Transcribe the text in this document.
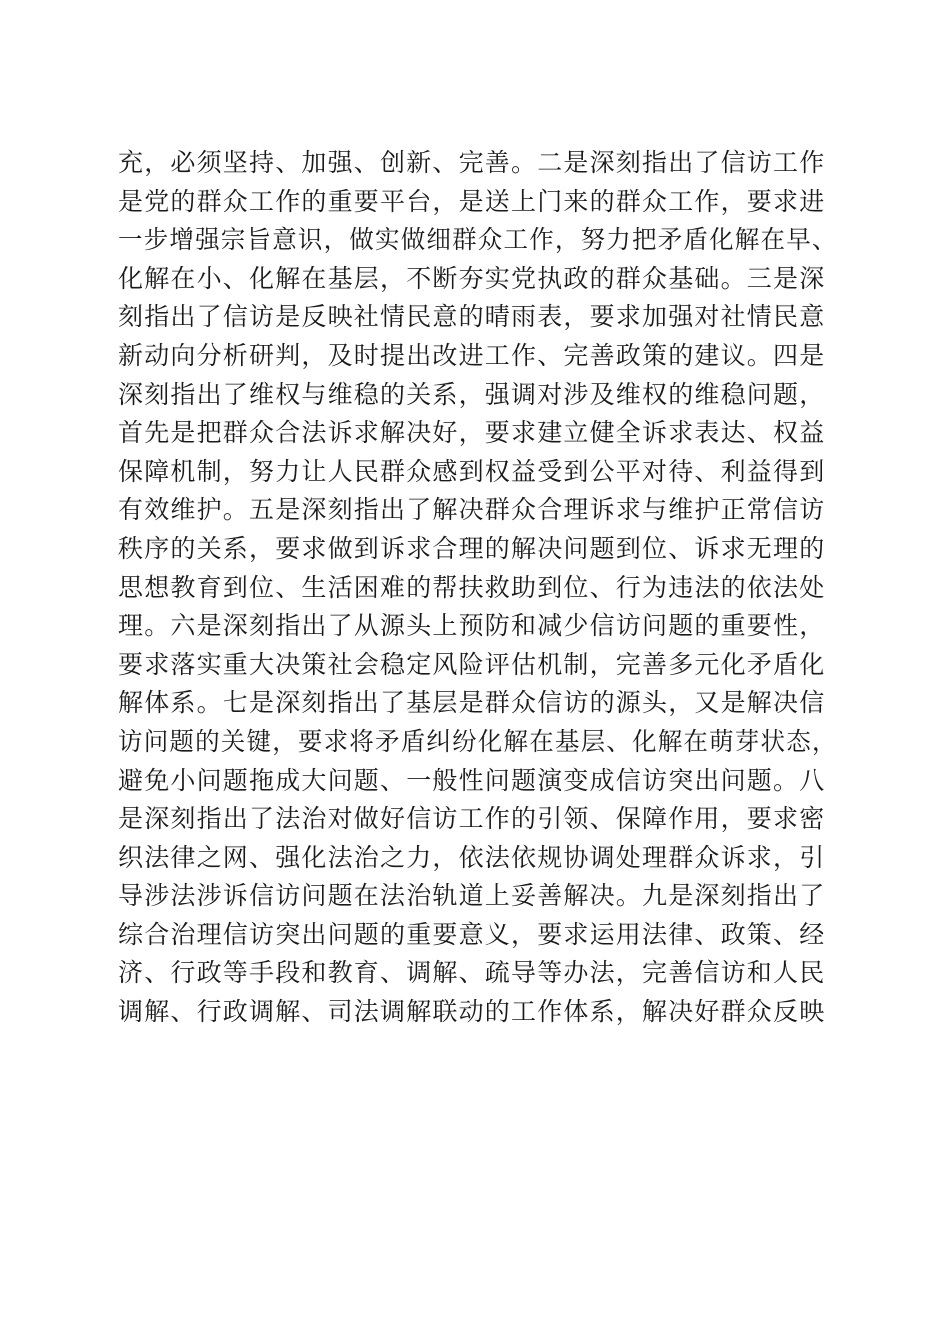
充，必须坚持、加强、创新、完善。二是深刻指出了信访工作
是党的群众工作的重要平台，是送上门来的群众工作，要求进
一步增强宗旨意识，做实做细群众工作，努力把矛盾化解在早、
化解在小、化解在基层，不断夯实党执政的群众基础。三是深
刻指出了信访是反映社情民意的晴雨表，要求加强对社情民意
新动向分析研判，及时提出改进工作、完善政策的建议。四是
深刻指出了维权与维稳的关系，强调对涉及维权的维稳问题，
首先是把群众合法诉求解决好，要求建立健全诉求表达、权益
保障机制，努力让人民群众感到权益受到公平对待、利益得到
有效维护。五是深刻指出了解决群众合理诉求与维护正常信访
秩序的关系，要求做到诉求合理的解决问题到位、诉求无理的
思想教育到位、生活困难的帮扶救助到位、行为违法的依法处
理。六是深刻指出了从源头上预防和减少信访问题的重要性，
要求落实重大决策社会稳定风险评估机制，完善多元化矛盾化
解体系。七是深刻指出了基层是群众信访的源头，又是解决信
访问题的关键，要求将矛盾纠纷化解在基层、化解在萌芽状态，
避免小问题拖成大问题、一般性问题演变成信访突出问题。八
是深刻指出了法治对做好信访工作的引领、保障作用，要求密
织法律之网、强化法治之力，依法依规协调处理群众诉求，引
导涉法涉诉信访问题在法治轨道上妥善解决。九是深刻指出了
综合治理信访突出问题的重要意义，要求运用法律、政策、经
济、行政等手段和教育、调解、疏导等办法，完善信访和人民
调解、行政调解、司法调解联动的工作体系，解决好群众反映
